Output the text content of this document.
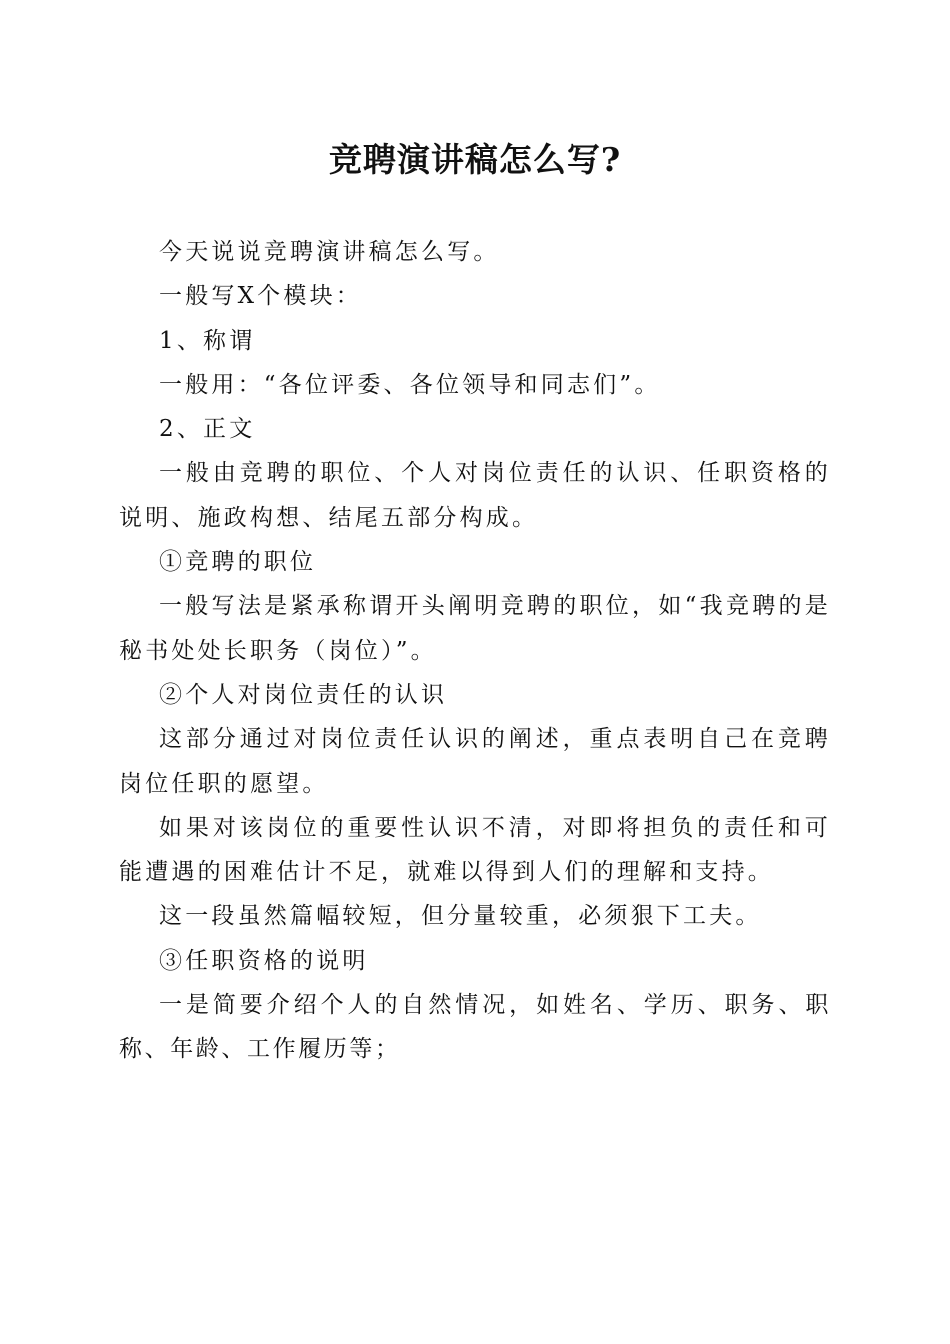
竞聘演讲稿怎么写?

今天说说竞聘演讲稿怎么写。

一般写X个模块：

1、称谓

一般用：“各位评委、各位领导和同志们”。

2、正文

一般由竞聘的职位、个人对岗位责任的认识、任职资格的说明、施政构想、结尾五部分构成。

①竞聘的职位

一般写法是紧承称谓开头阐明竞聘的职位，如“我竞聘的是秘书处处长职务（岗位）”。

②个人对岗位责任的认识

这部分通过对岗位责任认识的阐述，重点表明自己在竞聘岗位任职的愿望。

如果对该岗位的重要性认识不清，对即将担负的责任和可能遭遇的困难估计不足，就难以得到人们的理解和支持。

这一段虽然篇幅较短，但分量较重，必须狠下工夫。

③任职资格的说明

一是简要介绍个人的自然情况，如姓名、学历、职务、职称、年龄、工作履历等；
